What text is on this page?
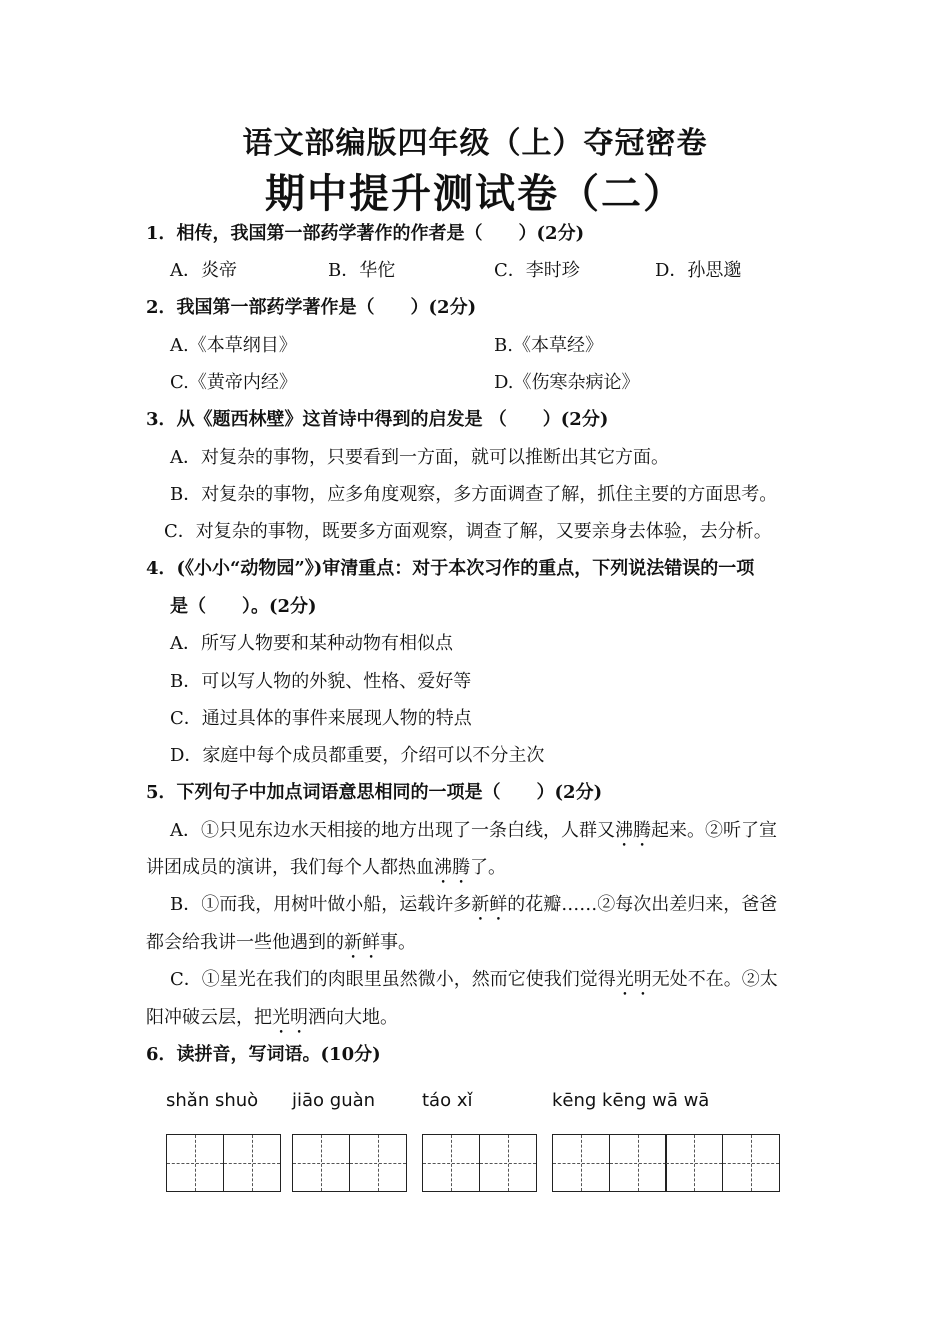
语文部编版四年级（上）夺冠密卷
期中提升测试卷（二）
1．相传，我国第一部药学著作的作者是（　　）(2分)
A．炎帝	B．华佗	C．李时珍	D．孙思邈
2．我国第一部药学著作是（　　）(2分)
A.《本草纲目》	B.《本草经》
C.《黄帝内经》	D.《伤寒杂病论》
3．从《题西林壁》这首诗中得到的启发是 （　　）(2分)
A．对复杂的事物，只要看到一方面，就可以推断出其它方面。
B．对复杂的事物，应多角度观察，多方面调查了解，抓住主要的方面思考。
C．对复杂的事物，既要多方面观察，调查了解，又要亲身去体验，去分析。
4．(《小小“动物园”》)审清重点：对于本次习作的重点，下列说法错误的一项
是（　　）。(2分)
A．所写人物要和某种动物有相似点
B．可以写人物的外貌、性格、爱好等
C．通过具体的事件来展现人物的特点
D．家庭中每个成员都重要，介绍可以不分主次
5．下列句子中加点词语意思相同的一项是（　　）(2分)
A．①只见东边水天相接的地方出现了一条白线，人群又沸腾起来。②听了宣
讲团成员的演讲，我们每个人都热血沸腾了。
B．①而我，用树叶做小船，运载许多新鲜的花瓣……②每次出差归来，爸爸
都会给我讲一些他遇到的新鲜事。
C．①星光在我们的肉眼里虽然微小，然而它使我们觉得光明无处不在。②太
阳冲破云层，把光明洒向大地。
6．读拼音，写词语。(10分)
shǎn shuò jiāo guàn	táo xǐ	kēng kēng wā wā
